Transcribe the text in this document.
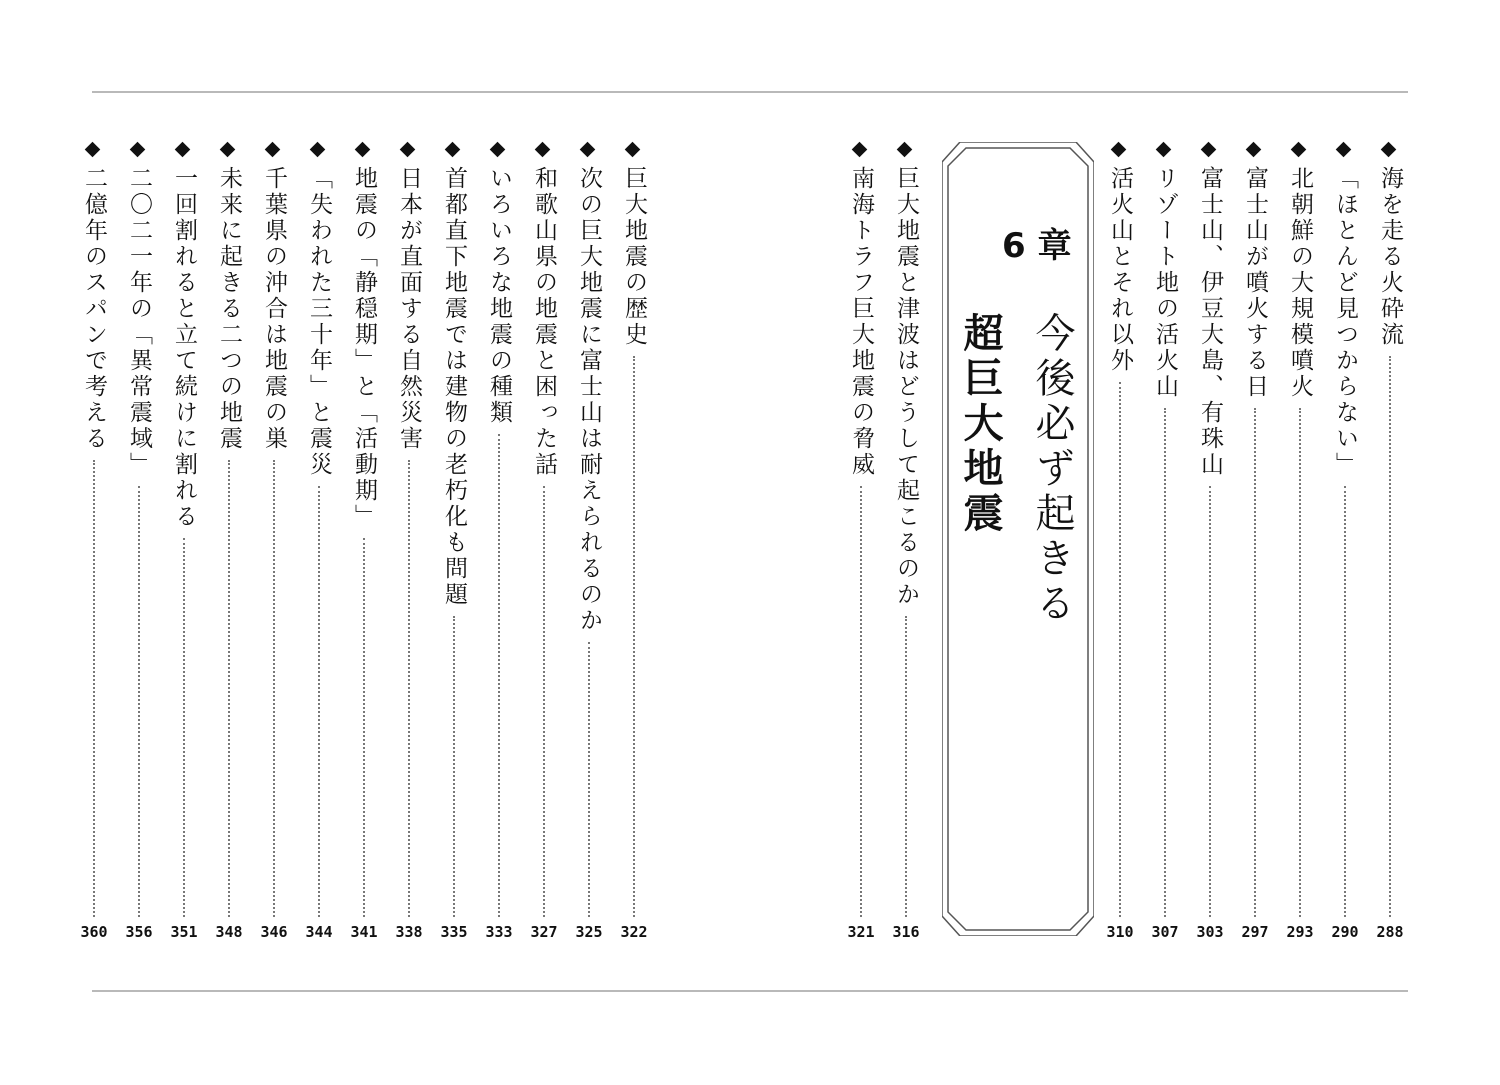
海を走る火砕流
288
「ほとんど見つからない」
290
北朝鮮の大規模噴火
293
富士山が噴火する日
297
富士山、伊豆大島、有珠山
303
リゾート地の活火山
307
活火山とそれ以外
310
巨大地震と津波はどうして起こるのか
316
南海トラフ巨大地震の脅威
321
巨大地震の歴史
322
次の巨大地震に富士山は耐えられるのか
325
和歌山県の地震と困った話
327
いろいろな地震の種類
333
首都直下地震では建物の老朽化も問題
335
日本が直面する自然災害
338
地震の「静穏期」と「活動期」
341
「失われた三十年」と震災
344
千葉県の沖合は地震の巣
346
未来に起きる二つの地震
348
一回割れると立て続けに割れる
351
二〇二一年の「異常震域」
356
二億年のスパンで考える
360
6 章
今後必ず起きる
超巨大地震
